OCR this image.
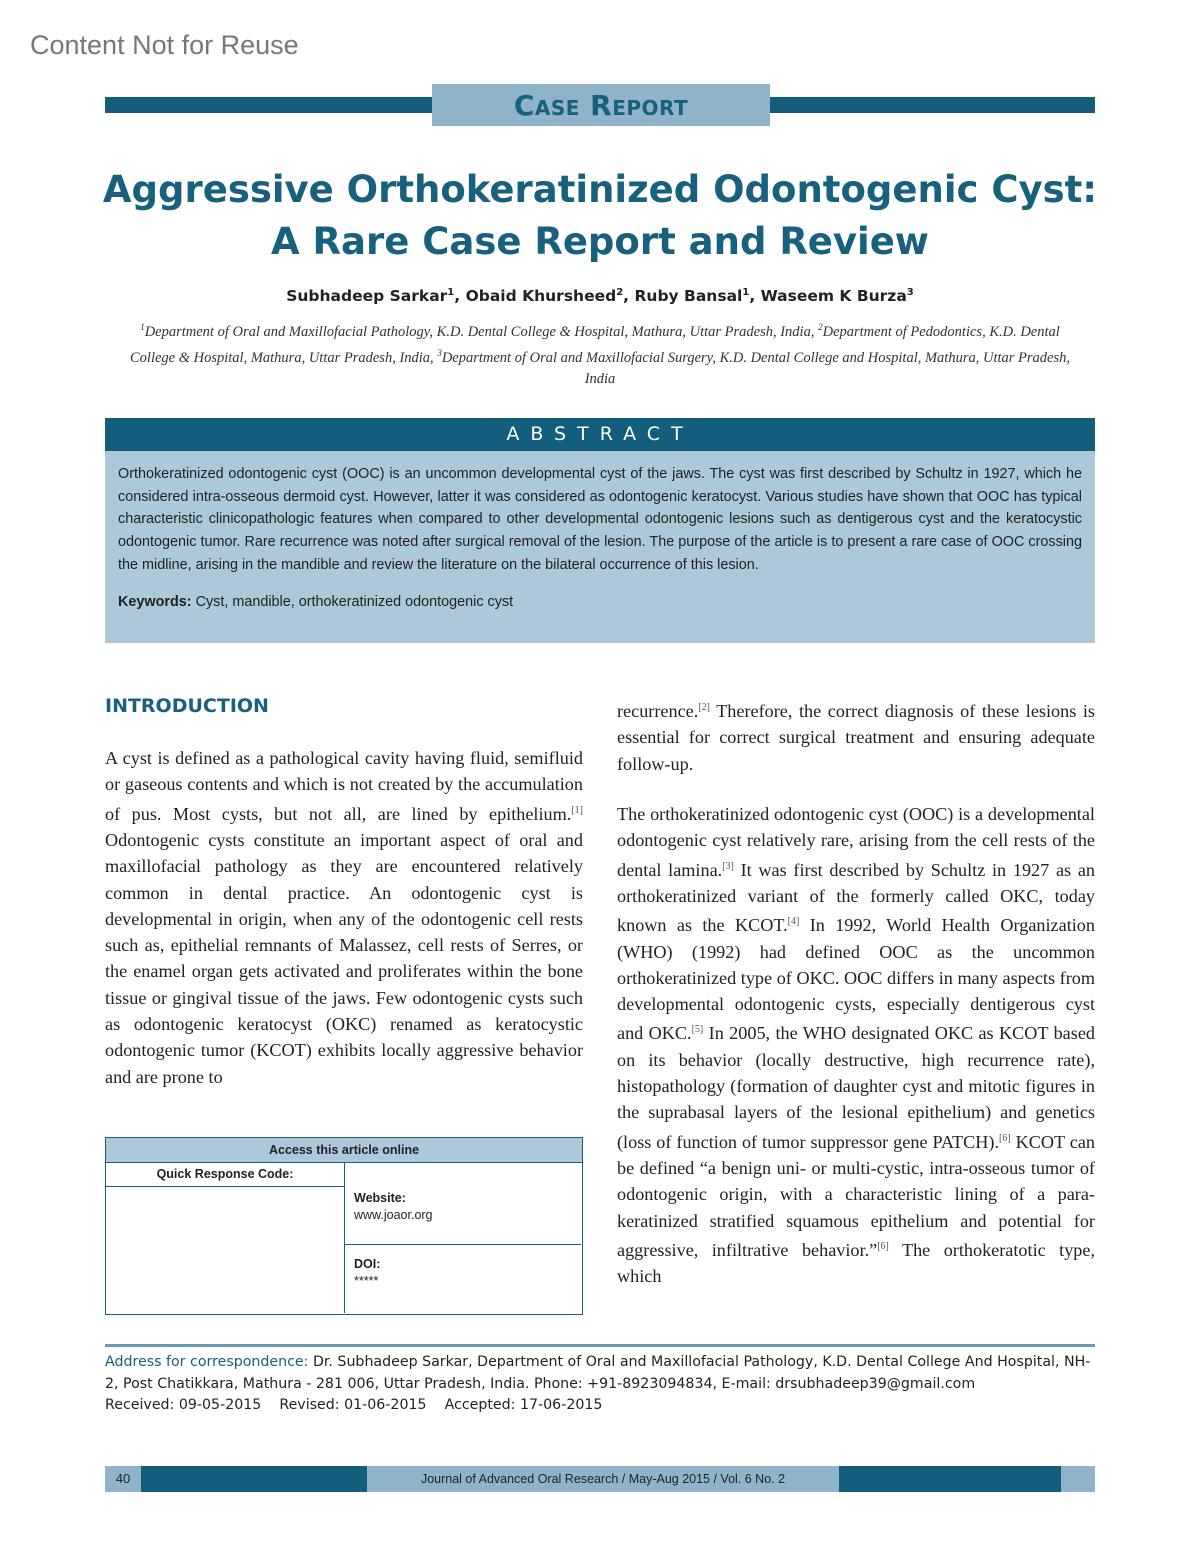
Content Not for Reuse
Case Report
Aggressive Orthokeratinized Odontogenic Cyst:
A Rare Case Report and Review
Subhadeep Sarkar$^1$, Obaid Khursheed$^2$, Ruby Bansal$^1$, Waseem K Burza$^3$
$^1$Department of Oral and Maxillofacial Pathology, K.D. Dental College & Hospital, Mathura, Uttar Pradesh, India, $^2$Department of Pedodontics, K.D. Dental College & Hospital, Mathura, Uttar Pradesh, India, $^3$Department of Oral and Maxillofacial Surgery, K.D. Dental College and Hospital, Mathura, Uttar Pradesh, India
ABSTRACT

Orthokeratinized odontogenic cyst (OOC) is an uncommon developmental cyst of the jaws. The cyst was first described by Schultz in 1927, which he considered intra-osseous dermoid cyst. However, latter it was considered as odontogenic keratocyst. Various studies have shown that OOC has typical characteristic clinicopathologic features when compared to other developmental odontogenic lesions such as dentigerous cyst and the keratocystic odontogenic tumor. Rare recurrence was noted after surgical removal of the lesion. The purpose of the article is to present a rare case of OOC crossing the midline, arising in the mandible and review the literature on the bilateral occurrence of this lesion.

Keywords: Cyst, mandible, orthokeratinized odontogenic cyst

INTRODUCTION

A cyst is defined as a pathological cavity having fluid, semifluid or gaseous contents and which is not created by the accumulation of pus. Most cysts, but not all, are lined by epithelium.[1] Odontogenic cysts constitute an important aspect of oral and maxillofacial pathology as they are encountered relatively common in dental practice. An odontogenic cyst is developmental in origin, when any of the odontogenic cell rests such as, epithelial remnants of Malassez, cell rests of Serres, or the enamel organ gets activated and proliferates within the bone tissue or gingival tissue of the jaws. Few odontogenic cysts such as odontogenic keratocyst (OKC) renamed as keratocystic odontogenic tumor (KCOT) exhibits locally aggressive behavior and are prone to

Access this article online
Quick Response Code:
Website:
www.joaor.org
DOI:
*****

recurrence.[2] Therefore, the correct diagnosis of these lesions is essential for correct surgical treatment and ensuring adequate follow-up.

The orthokeratinized odontogenic cyst (OOC) is a developmental odontogenic cyst relatively rare, arising from the cell rests of the dental lamina.[3] It was first described by Schultz in 1927 as an orthokeratinized variant of the formerly called OKC, today known as the KCOT.[4] In 1992, World Health Organization (WHO) (1992) had defined OOC as the uncommon orthokeratinized type of OKC. OOC differs in many aspects from developmental odontogenic cysts, especially dentigerous cyst and OKC.[5] In 2005, the WHO designated OKC as KCOT based on its behavior (locally destructive, high recurrence rate), histopathology (formation of daughter cyst and mitotic figures in the suprabasal layers of the lesional epithelium) and genetics (loss of function of tumor suppressor gene PATCH).[6] KCOT can be defined “a benign uni- or multi-cystic, intra-osseous tumor of odontogenic origin, with a characteristic lining of a para-keratinized stratified squamous epithelium and potential for aggressive, infiltrative behavior.”[6] The orthokeratotic type, which

Address for correspondence: Dr. Subhadeep Sarkar, Department of Oral and Maxillofacial Pathology, K.D. Dental College And Hospital, NH-2, Post Chatikkara, Mathura - 281 006, Uttar Pradesh, India. Phone: +91-8923094834, E-mail: drsubhadeep39@gmail.com

Received: 09-05-2015 Revised: 01-06-2015 Accepted: 17-06-2015

40	Journal of Advanced Oral Research / May-Aug 2015 / Vol. 6 No. 2
